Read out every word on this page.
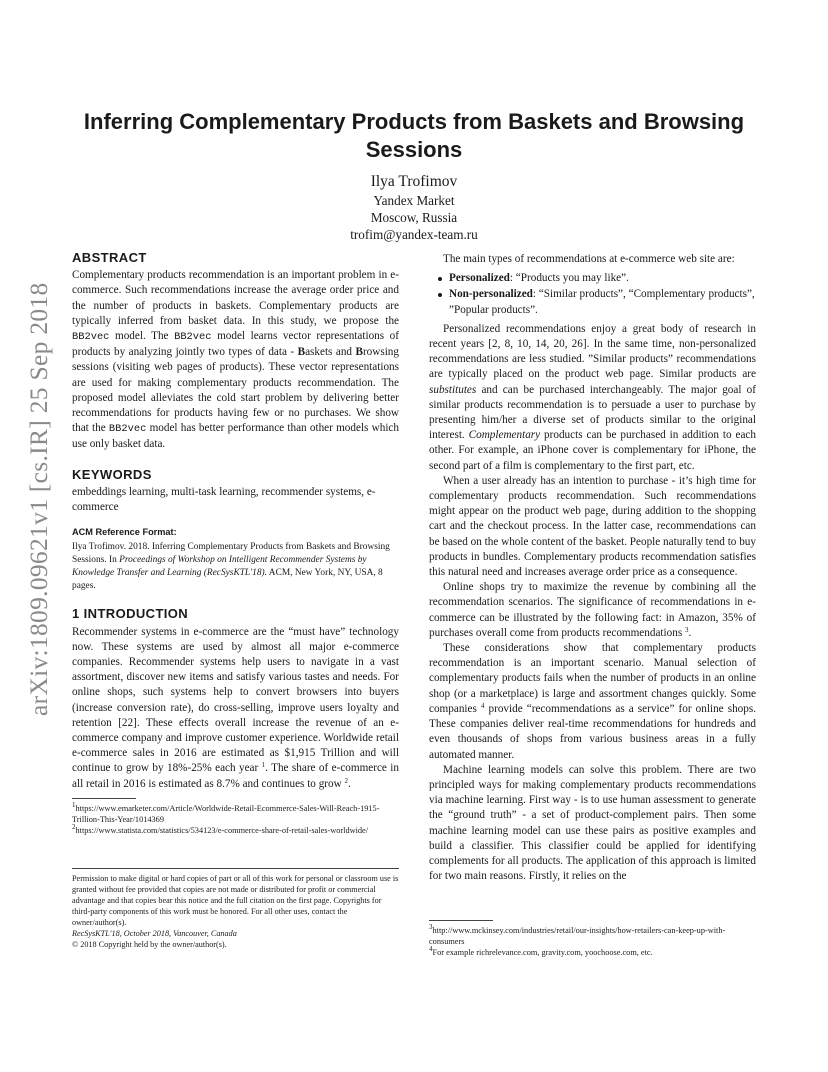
arXiv:1809.09621v1 [cs.IR] 25 Sep 2018
Inferring Complementary Products from Baskets and Browsing Sessions
Ilya Trofimov
Yandex Market
Moscow, Russia
trofim@yandex-team.ru
ABSTRACT

Complementary products recommendation is an important problem in e-commerce. Such recommendations increase the average order price and the number of products in baskets. Complementary products are typically inferred from basket data. In this study, we propose the BB2vec model. The BB2vec model learns vector representations of products by analyzing jointly two types of data - Baskets and Browsing sessions (visiting web pages of products). These vector representations are used for making complementary products recommendation. The proposed model alleviates the cold start problem by delivering better recommendations for products having few or no purchases. We show that the BB2vec model has better performance than other models which use only basket data.

KEYWORDS

embeddings learning, multi-task learning, recommender systems, e-commerce

ACM Reference Format:

Ilya Trofimov. 2018. Inferring Complementary Products from Baskets and Browsing Sessions. In Proceedings of Workshop on Intelligent Recommender Systems by Knowledge Transfer and Learning (RecSysKTL'18). ACM, New York, NY, USA, 8 pages.

1 INTRODUCTION

Recommender systems in e-commerce are the “must have” technology now. These systems are used by almost all major e-commerce companies. Recommender systems help users to navigate in a vast assortment, discover new items and satisfy various tastes and needs. For online shops, such systems help to convert browsers into buyers (increase conversion rate), do cross-selling, improve users loyalty and retention [22]. These effects overall increase the revenue of an e-commerce company and improve customer experience. Worldwide retail e-commerce sales in 2016 are estimated as $1,915 Trillion and will continue to grow by 18%-25% each year $^1$. The share of e-commerce in all retail in 2016 is estimated as 8.7% and continues to grow $^2$.

$^1$https://www.emarketer.com/Article/Worldwide-Retail-Ecommerce-Sales-Will-Reach-1915-Trillion-This-Year/1014369
$^2$https://www.statista.com/statistics/534123/e-commerce-share-of-retail-sales-worldwide/
Permission to make digital or hard copies of part or all of this work for personal or classroom use is granted without fee provided that copies are not made or distributed for profit or commercial advantage and that copies bear this notice and the full citation on the first page. Copyrights for third-party components of this work must be honored. For all other uses, contact the owner/author(s).
RecSysKTL'18, October 2018, Vancouver, Canada
© 2018 Copyright held by the owner/author(s).

The main types of recommendations at e-commerce web site are:

Personalized: “Products you may like”.
Non-personalized: “Similar products”, “Complementary products”, ”Popular products”.

Personalized recommendations enjoy a great body of research in recent years [2, 8, 10, 14, 20, 26]. In the same time, non-personalized recommendations are less studied. ”Similar products” recommendations are typically placed on the product web page. Similar products are substitutes and can be purchased interchangeably. The major goal of similar products recommendation is to persuade a user to purchase by presenting him/her a diverse set of products similar to the original interest. Complementary products can be purchased in addition to each other. For example, an iPhone cover is complementary for iPhone, the second part of a film is complementary to the first part, etc.

When a user already has an intention to purchase - it’s high time for complementary products recommendation. Such recommendations might appear on the product web page, during addition to the shopping cart and the checkout process. In the latter case, recommendations can be based on the whole content of the basket. People naturally tend to buy products in bundles. Complementary products recommendation satisfies this natural need and increases average order price as a consequence.

Online shops try to maximize the revenue by combining all the recommendation scenarios. The significance of recommendations in e-commerce can be illustrated by the following fact: in Amazon, 35% of purchases overall come from products recommendations $^3$.

These considerations show that complementary products recommendation is an important scenario. Manual selection of complementary products fails when the number of products in an online shop (or a marketplace) is large and assortment changes quickly. Some companies $^4$ provide “recommendations as a service” for online shops. These companies deliver real-time recommendations for hundreds and even thousands of shops from various business areas in a fully automated manner.

Machine learning models can solve this problem. There are two principled ways for making complementary products recommendations via machine learning. First way - is to use human assessment to generate the “ground truth” - a set of product-complement pairs. Then some machine learning model can use these pairs as positive examples and build a classifier. This classifier could be applied for identifying complements for all products. The application of this approach is limited for two main reasons. Firstly, it relies on the

$^3$http://www.mckinsey.com/industries/retail/our-insights/how-retailers-can-keep-up-with-consumers
$^4$For example richrelevance.com, gravity.com, yoochoose.com, etc.
